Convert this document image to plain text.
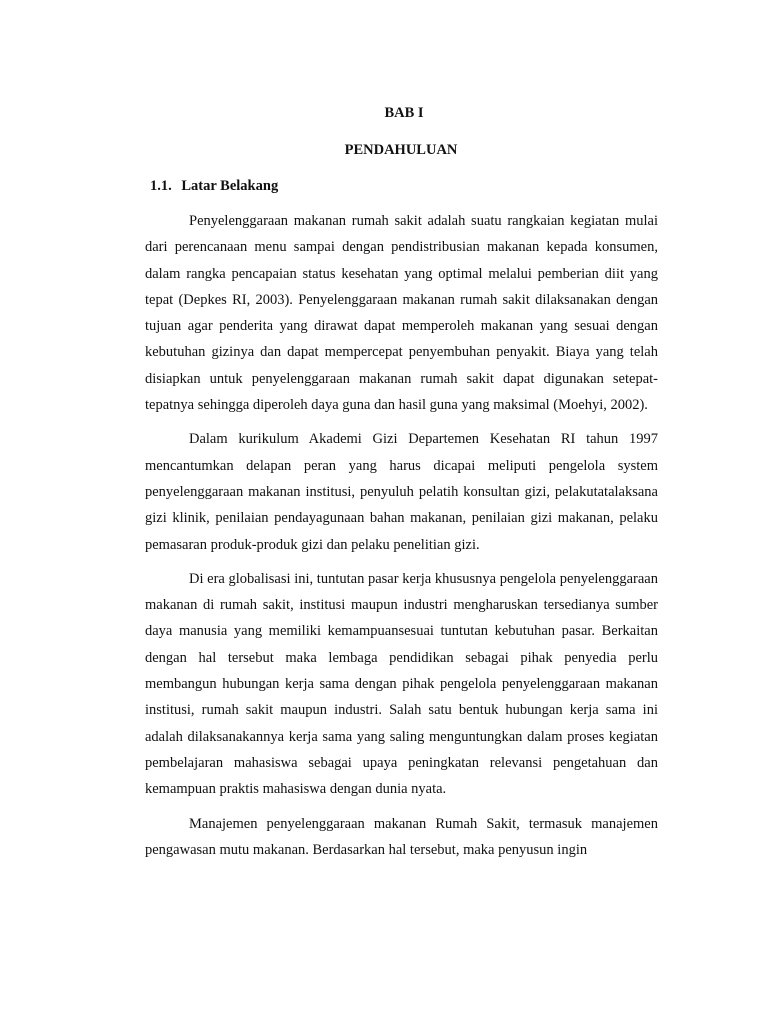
BAB I
PENDAHULUAN
1.1. Latar Belakang

Penyelenggaraan makanan rumah sakit adalah suatu rangkaian kegiatan mulai dari perencanaan menu sampai dengan pendistribusian makanan kepada konsumen, dalam rangka pencapaian status kesehatan yang optimal melalui pemberian diit yang tepat (Depkes RI, 2003). Penyelenggaraan makanan rumah sakit dilaksanakan dengan tujuan agar penderita yang dirawat dapat memperoleh makanan yang sesuai dengan kebutuhan gizinya dan dapat mempercepat penyembuhan penyakit. Biaya yang telah disiapkan untuk penyelenggaraan makanan rumah sakit dapat digunakan setepat-tepatnya sehingga diperoleh daya guna dan hasil guna yang maksimal (Moehyi, 2002).

Dalam kurikulum Akademi Gizi Departemen Kesehatan RI tahun 1997 mencantumkan delapan peran yang harus dicapai meliputi pengelola system penyelenggaraan makanan institusi, penyuluh pelatih konsultan gizi, pelakutatalaksana gizi klinik, penilaian pendayagunaan bahan makanan, penilaian gizi makanan, pelaku pemasaran produk-produk gizi dan pelaku penelitian gizi.

Di era globalisasi ini, tuntutan pasar kerja khususnya pengelola penyelenggaraan makanan di rumah sakit, institusi maupun industri mengharuskan tersedianya sumber daya manusia yang memiliki kemampuansesuai tuntutan kebutuhan pasar. Berkaitan dengan hal tersebut maka lembaga pendidikan sebagai pihak penyedia perlu membangun hubungan kerja sama dengan pihak pengelola penyelenggaraan makanan institusi, rumah sakit maupun industri. Salah satu bentuk hubungan kerja sama ini adalah dilaksanakannya kerja sama yang saling menguntungkan dalam proses kegiatan pembelajaran mahasiswa sebagai upaya peningkatan relevansi pengetahuan dan kemampuan praktis mahasiswa dengan dunia nyata.

Manajemen penyelenggaraan makanan Rumah Sakit, termasuk manajemen pengawasan mutu makanan. Berdasarkan hal tersebut, maka penyusun ingin
